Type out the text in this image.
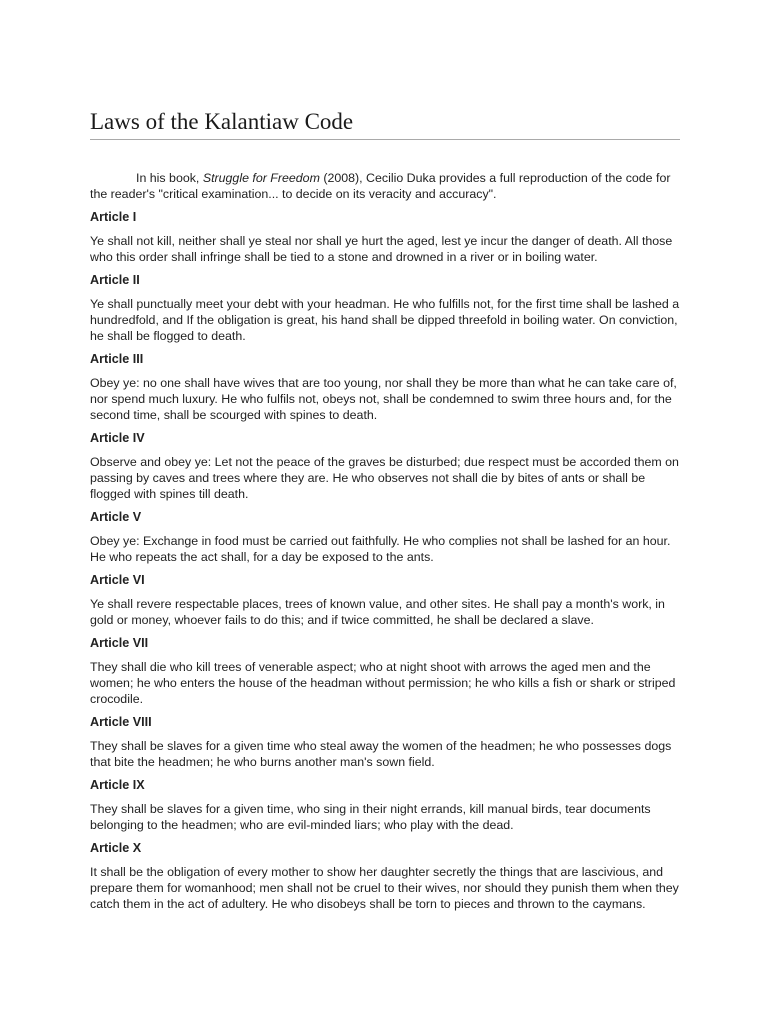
Laws of the Kalantiaw Code

In his book, Struggle for Freedom (2008), Cecilio Duka provides a full reproduction of the code for the reader's "critical examination... to decide on its veracity and accuracy".

Article I

Ye shall not kill, neither shall ye steal nor shall ye hurt the aged, lest ye incur the danger of death. All those who this order shall infringe shall be tied to a stone and drowned in a river or in boiling water.

Article II

Ye shall punctually meet your debt with your headman. He who fulfills not, for the first time shall be lashed a hundredfold, and If the obligation is great, his hand shall be dipped threefold in boiling water. On conviction, he shall be flogged to death.

Article III

Obey ye: no one shall have wives that are too young, nor shall they be more than what he can take care of, nor spend much luxury. He who fulfils not, obeys not, shall be condemned to swim three hours and, for the second time, shall be scourged with spines to death.

Article IV

Observe and obey ye: Let not the peace of the graves be disturbed; due respect must be accorded them on passing by caves and trees where they are. He who observes not shall die by bites of ants or shall be flogged with spines till death.

Article V

Obey ye: Exchange in food must be carried out faithfully. He who complies not shall be lashed for an hour. He who repeats the act shall, for a day be exposed to the ants.

Article VI

Ye shall revere respectable places, trees of known value, and other sites. He shall pay a month's work, in gold or money, whoever fails to do this; and if twice committed, he shall be declared a slave.

Article VII

They shall die who kill trees of venerable aspect; who at night shoot with arrows the aged men and the women; he who enters the house of the headman without permission; he who kills a fish or shark or striped crocodile.

Article VIII

They shall be slaves for a given time who steal away the women of the headmen; he who possesses dogs that bite the headmen; he who burns another man's sown field.

Article IX

They shall be slaves for a given time, who sing in their night errands, kill manual birds, tear documents belonging to the headmen; who are evil-minded liars; who play with the dead.

Article X

It shall be the obligation of every mother to show her daughter secretly the things that are lascivious, and prepare them for womanhood; men shall not be cruel to their wives, nor should they punish them when they catch them in the act of adultery. He who disobeys shall be torn to pieces and thrown to the caymans.
